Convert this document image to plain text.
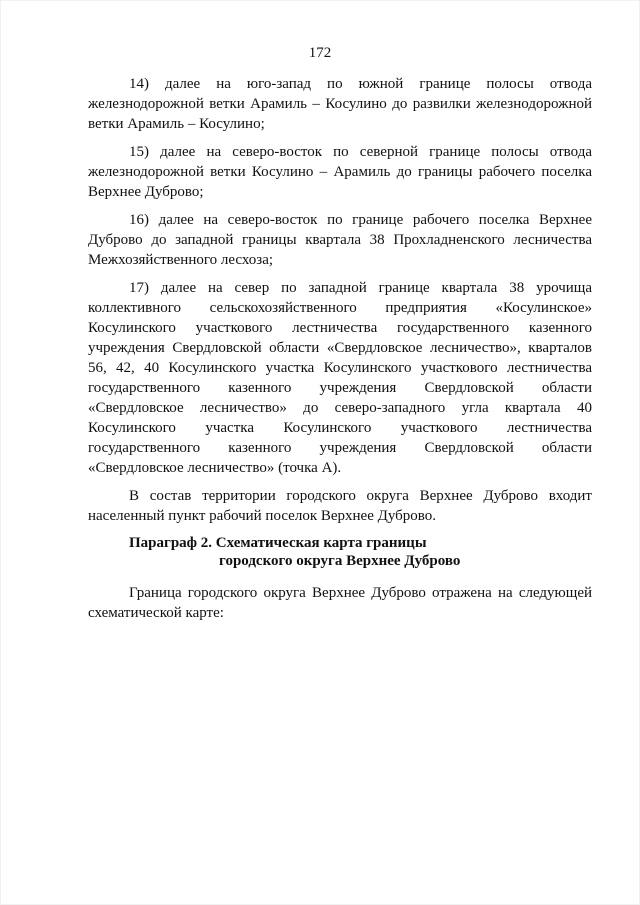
172

14) далее на юго-запад по южной границе полосы отвода железнодорожной ветки Арамиль – Косулино до развилки железнодорожной ветки Арамиль – Косулино;

15) далее на северо-восток по северной границе полосы отвода железнодорожной ветки Косулино – Арамиль до границы рабочего поселка Верхнее Дуброво;

16) далее на северо-восток по границе рабочего поселка Верхнее Дуброво до западной границы квартала 38 Прохладненского лесничества Межхозяйственного лесхоза;

17) далее на север по западной границе квартала 38 урочища коллективного сельскохозяйственного предприятия «Косулинское» Косулинского участкового лестничества государственного казенного учреждения Свердловской области «Свердловское лесничество», кварталов 56, 42, 40 Косулинского участка Косулинского участкового лестничества государственного казенного учреждения Свердловской области «Свердловское лесничество» до северо-западного угла квартала 40 Косулинского участка Косулинского участкового лестничества государственного казенного учреждения Свердловской области «Свердловское лесничество» (точка А).

В состав территории городского округа Верхнее Дуброво входит населенный пункт рабочий поселок Верхнее Дуброво.

Параграф 2. Схематическая карта границы
городского округа Верхнее Дуброво

Граница городского округа Верхнее Дуброво отражена на следующей схематической карте:
